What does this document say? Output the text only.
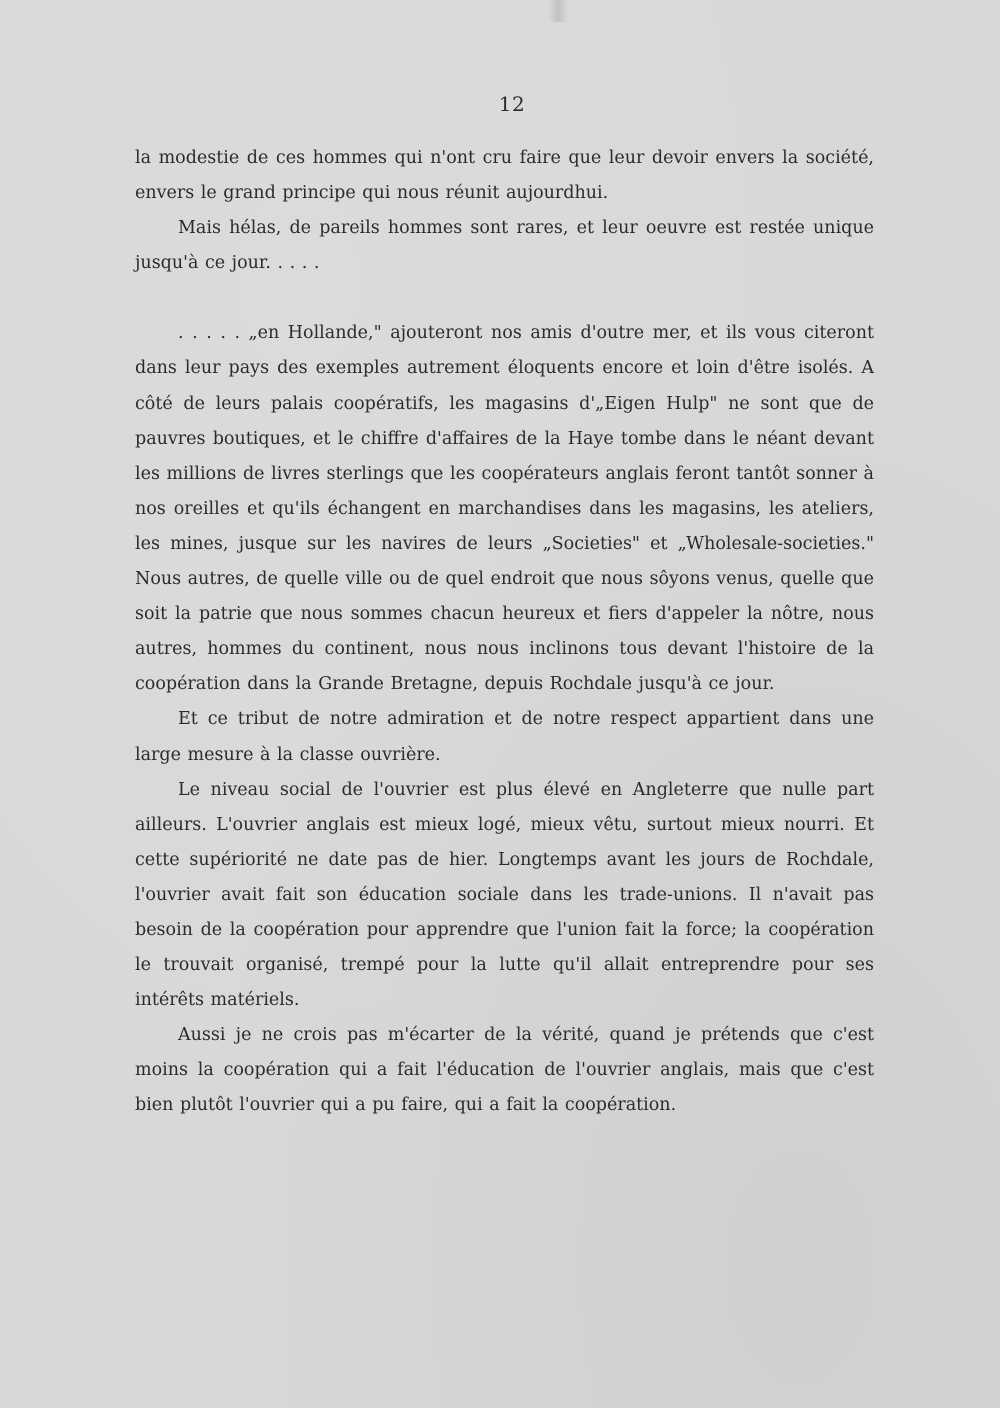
12

la modestie de ces hommes qui n'ont cru faire que leur devoir envers la société, envers le grand principe qui nous réunit aujourdhui.

Mais hélas, de pareils hommes sont rares, et leur oeuvre est restée unique jusqu'à ce jour. . . . .

. . . . . „en Hollande," ajouteront nos amis d'outre mer, et ils vous citeront dans leur pays des exemples autrement éloquents encore et loin d'être isolés. A côté de leurs palais coopératifs, les magasins d'„Eigen Hulp" ne sont que de pauvres boutiques, et le chiffre d'affaires de la Haye tombe dans le néant devant les millions de livres sterlings que les coopérateurs anglais feront tantôt sonner à nos oreilles et qu'ils échangent en marchandises dans les magasins, les ateliers, les mines, jusque sur les navires de leurs „Societies" et „Wholesale-societies." Nous autres, de quelle ville ou de quel endroit que nous sôyons venus, quelle que soit la patrie que nous sommes chacun heureux et fiers d'appeler la nôtre, nous autres, hommes du continent, nous nous inclinons tous devant l'histoire de la coopération dans la Grande Bretagne, depuis Rochdale jusqu'à ce jour.

Et ce tribut de notre admiration et de notre respect appartient dans une large mesure à la classe ouvrière.

Le niveau social de l'ouvrier est plus élevé en Angleterre que nulle part ailleurs. L'ouvrier anglais est mieux logé, mieux vêtu, surtout mieux nourri. Et cette supériorité ne date pas de hier. Longtemps avant les jours de Rochdale, l'ouvrier avait fait son éducation sociale dans les trade-unions. Il n'avait pas besoin de la coopération pour apprendre que l'union fait la force; la coopération le trouvait organisé, trempé pour la lutte qu'il allait entreprendre pour ses intérêts matériels.

Aussi je ne crois pas m'écarter de la vérité, quand je prétends que c'est moins la coopération qui a fait l'éducation de l'ouvrier anglais, mais que c'est bien plutôt l'ouvrier qui a pu faire, qui a fait la coopération.
